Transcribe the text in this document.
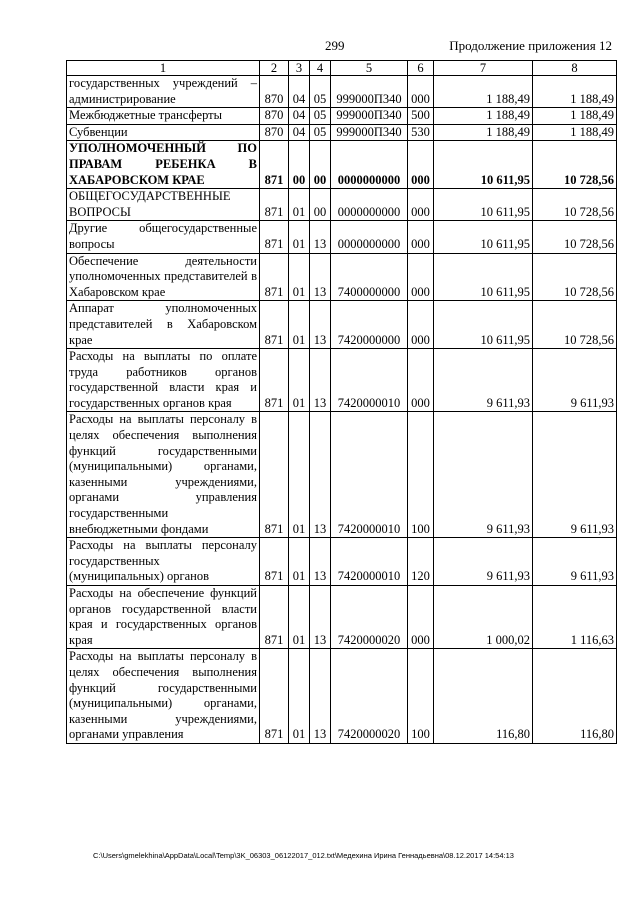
299	Продолжение приложения 12
1	2	3	4	5	6	7	8
государственных учреждений – администрирование	870	04	05	999000П340	000	1 188,49	1 188,49
Межбюджетные трансферты	870	04	05	999000П340	500	1 188,49	1 188,49
Субвенции	870	04	05	999000П340	530	1 188,49	1 188,49
УПОЛНОМОЧЕННЫЙ ПО ПРАВАМ РЕБЕНКА В ХАБАРОВСКОМ КРАЕ	871	00	00	0000000000	000	10 611,95	10 728,56
ОБЩЕГОСУДАРСТВЕННЫЕ ВОПРОСЫ	871	01	00	0000000000	000	10 611,95	10 728,56
Другие общегосударственные вопросы	871	01	13	0000000000	000	10 611,95	10 728,56
Обеспечение деятельности уполномоченных представителей в Хабаровском крае	871	01	13	7400000000	000	10 611,95	10 728,56
Аппарат уполномоченных представителей в Хабаровском крае	871	01	13	7420000000	000	10 611,95	10 728,56
Расходы на выплаты по оплате труда работников органов государственной власти края и государственных органов края	871	01	13	7420000010	000	9 611,93	9 611,93
Расходы на выплаты персоналу в целях обеспечения выполнения функций государственными (муниципальными) органами, казенными учреждениями, органами управления государственными внебюджетными фондами	871	01	13	7420000010	100	9 611,93	9 611,93
Расходы на выплаты персоналу государственных (муниципальных) органов	871	01	13	7420000010	120	9 611,93	9 611,93
Расходы на обеспечение функций органов государственной власти края и государственных органов края	871	01	13	7420000020	000	1 000,02	1 116,63
Расходы на выплаты персоналу в целях обеспечения выполнения функций государственными (муниципальными) органами, казенными учреждениями, органами управления	871	01	13	7420000020	100	116,80	116,80
C:\Users\gmelekhina\AppData\Local\Temp\3K_06303_06122017_012.txt\Медехина Ирина Геннадьевна\08.12.2017 14:54:13
